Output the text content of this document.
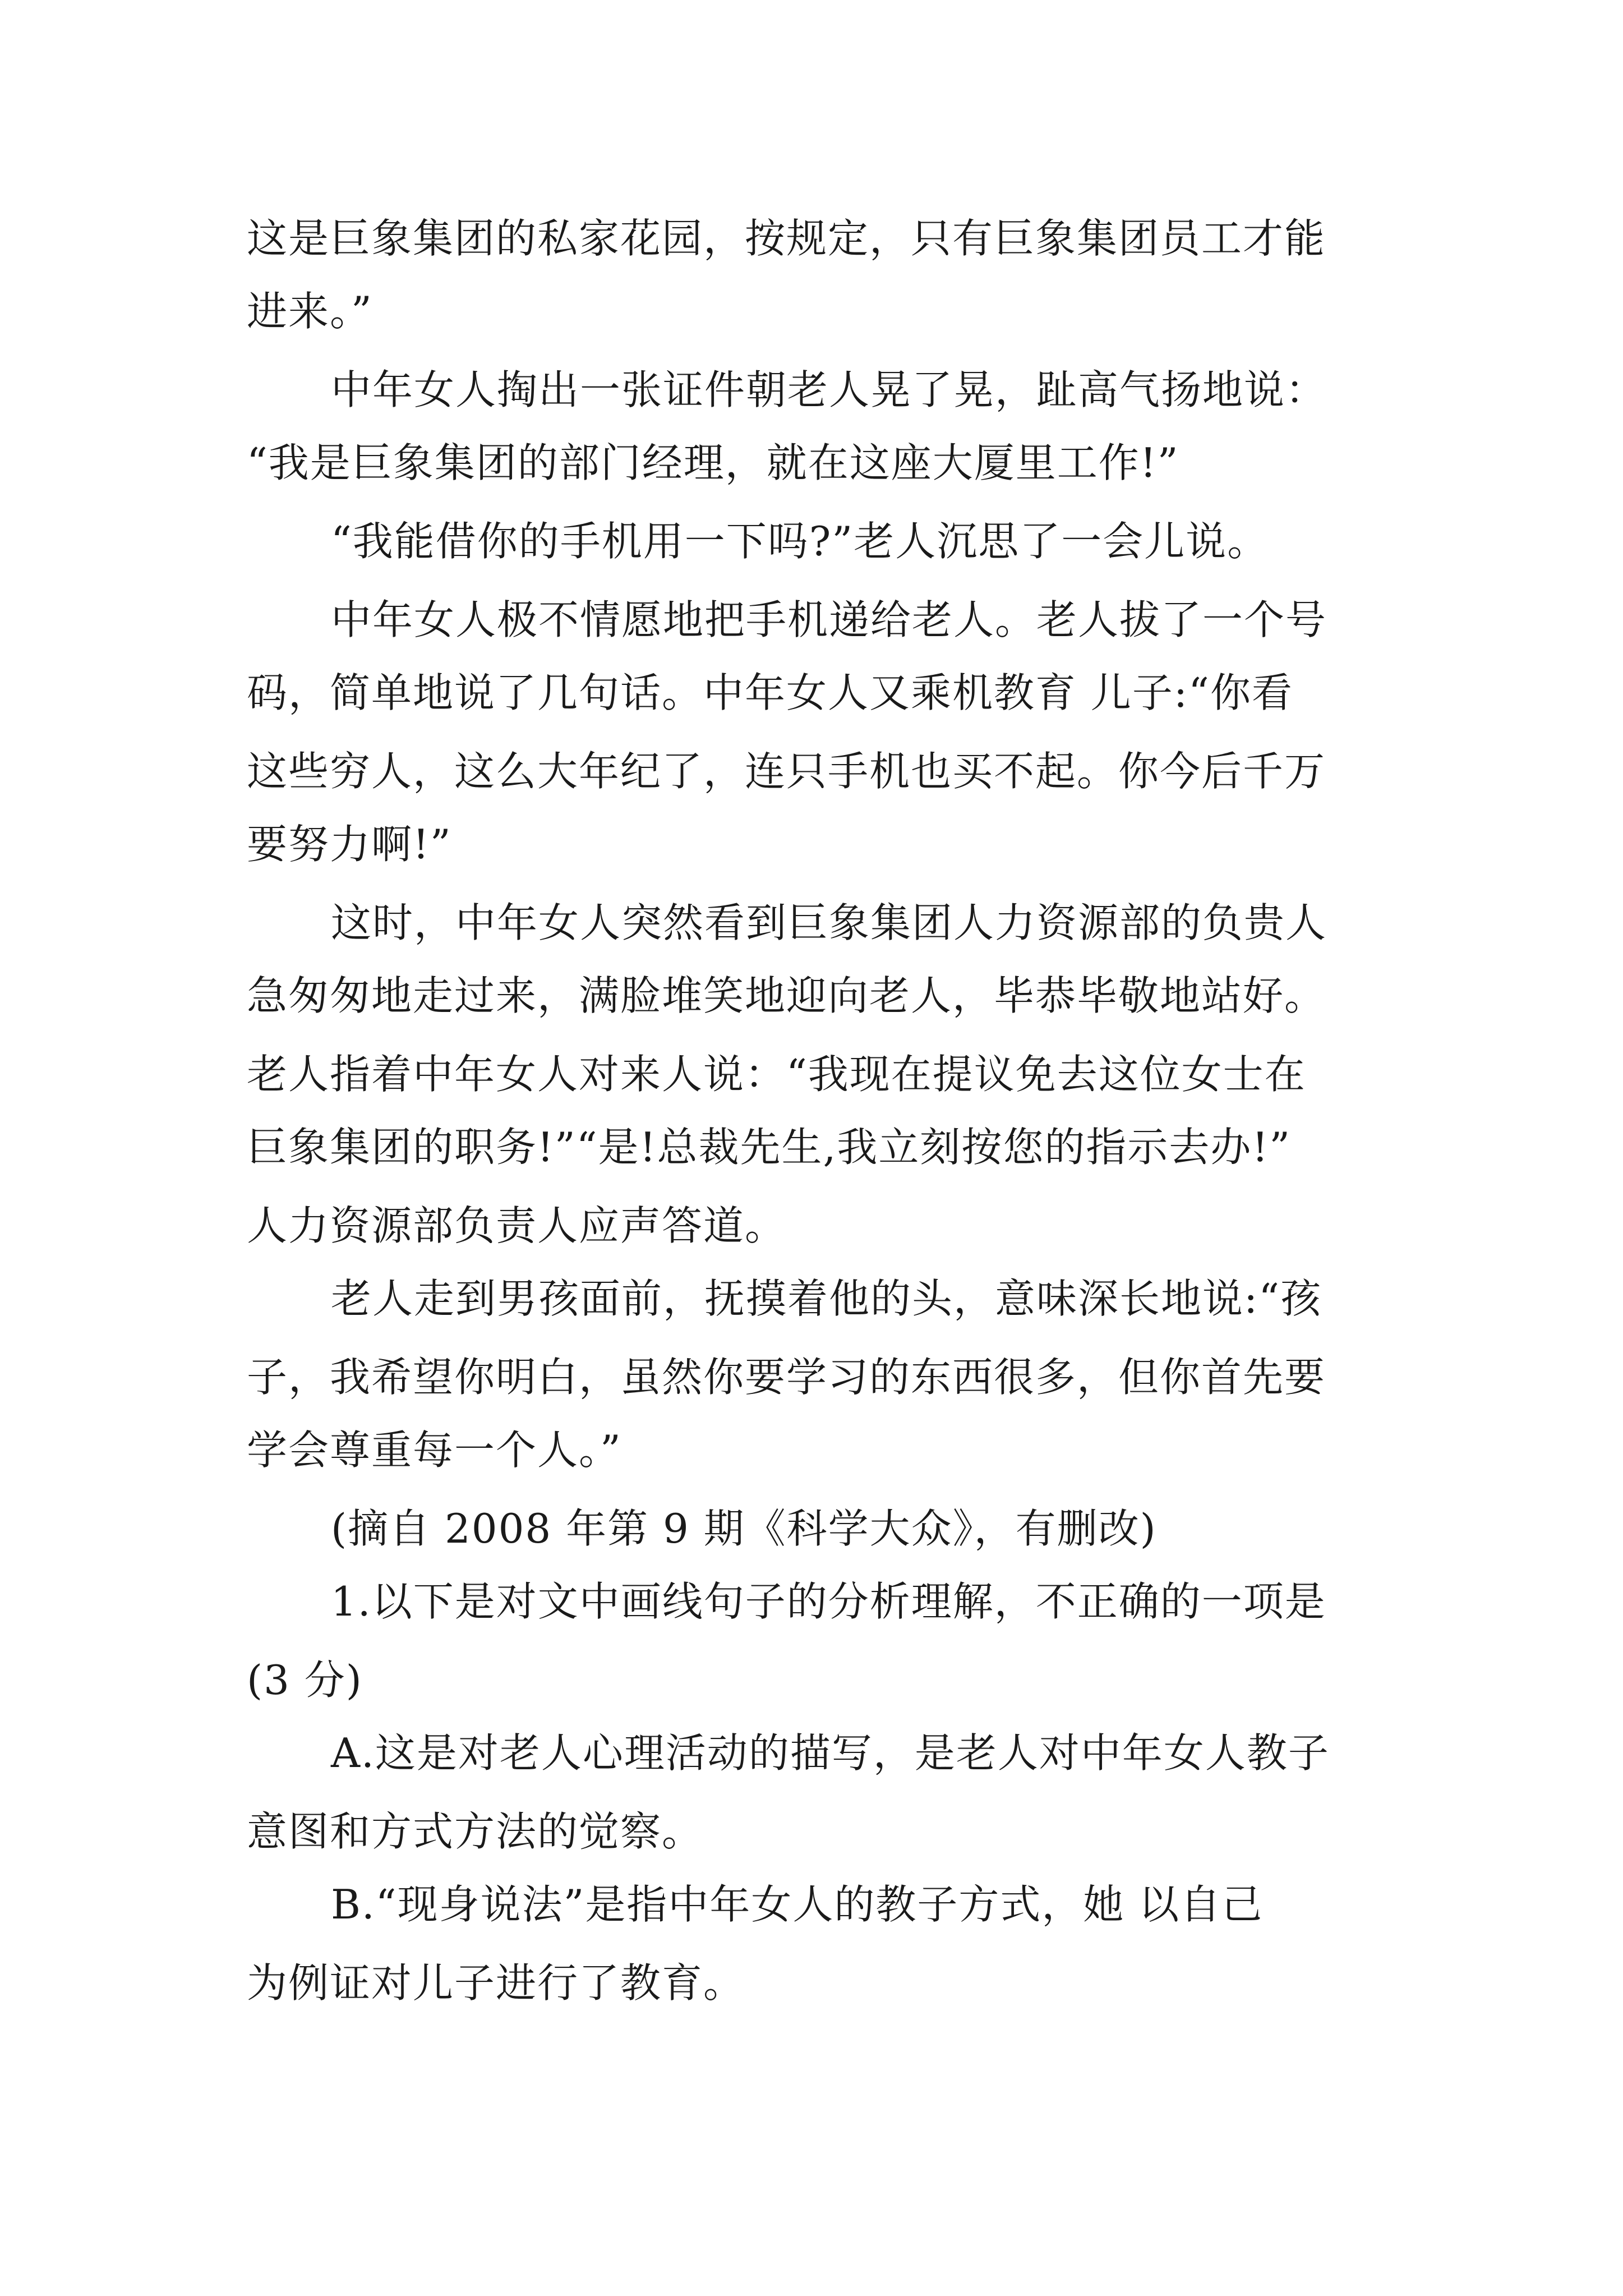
这是巨象集团的私家花园，按规定，只有巨象集团员工才能
进来。”
中年女人掏出一张证件朝老人晃了晃，趾高气扬地说：
“我是巨象集团的部门经理，就在这座大厦里工作!”
“我能借你的手机用一下吗?”老人沉思了一会儿说。
中年女人极不情愿地把手机递给老人。老人拔了一个号
码，简单地说了几句话。中年女人又乘机教育 儿子:“你看
这些穷人，这么大年纪了，连只手机也买不起。你今后千万
要努力啊!”
这时，中年女人突然看到巨象集团人力资源部的负贵人
急匆匆地走过来，满脸堆笑地迎向老人，毕恭毕敬地站好。
老人指着中年女人对来人说：“我现在提议免去这位女士在
巨象集团的职务!”“是!总裁先生,我立刻按您的指示去办!”
人力资源部负责人应声答道。
老人走到男孩面前，抚摸着他的头，意味深长地说:“孩
子，我希望你明白，虽然你要学习的东西很多，但你首先要
学会尊重每一个人。”
(摘自 2008 年第 9 期《科学大众》，有删改)
1.以下是对文中画线句子的分析理解，不正确的一项是
(3 分)
A.这是对老人心理活动的描写，是老人对中年女人教子
意图和方式方法的觉察。
B.“现身说法”是指中年女人的教子方式，她 以自己
为例证对儿子进行了教育。
